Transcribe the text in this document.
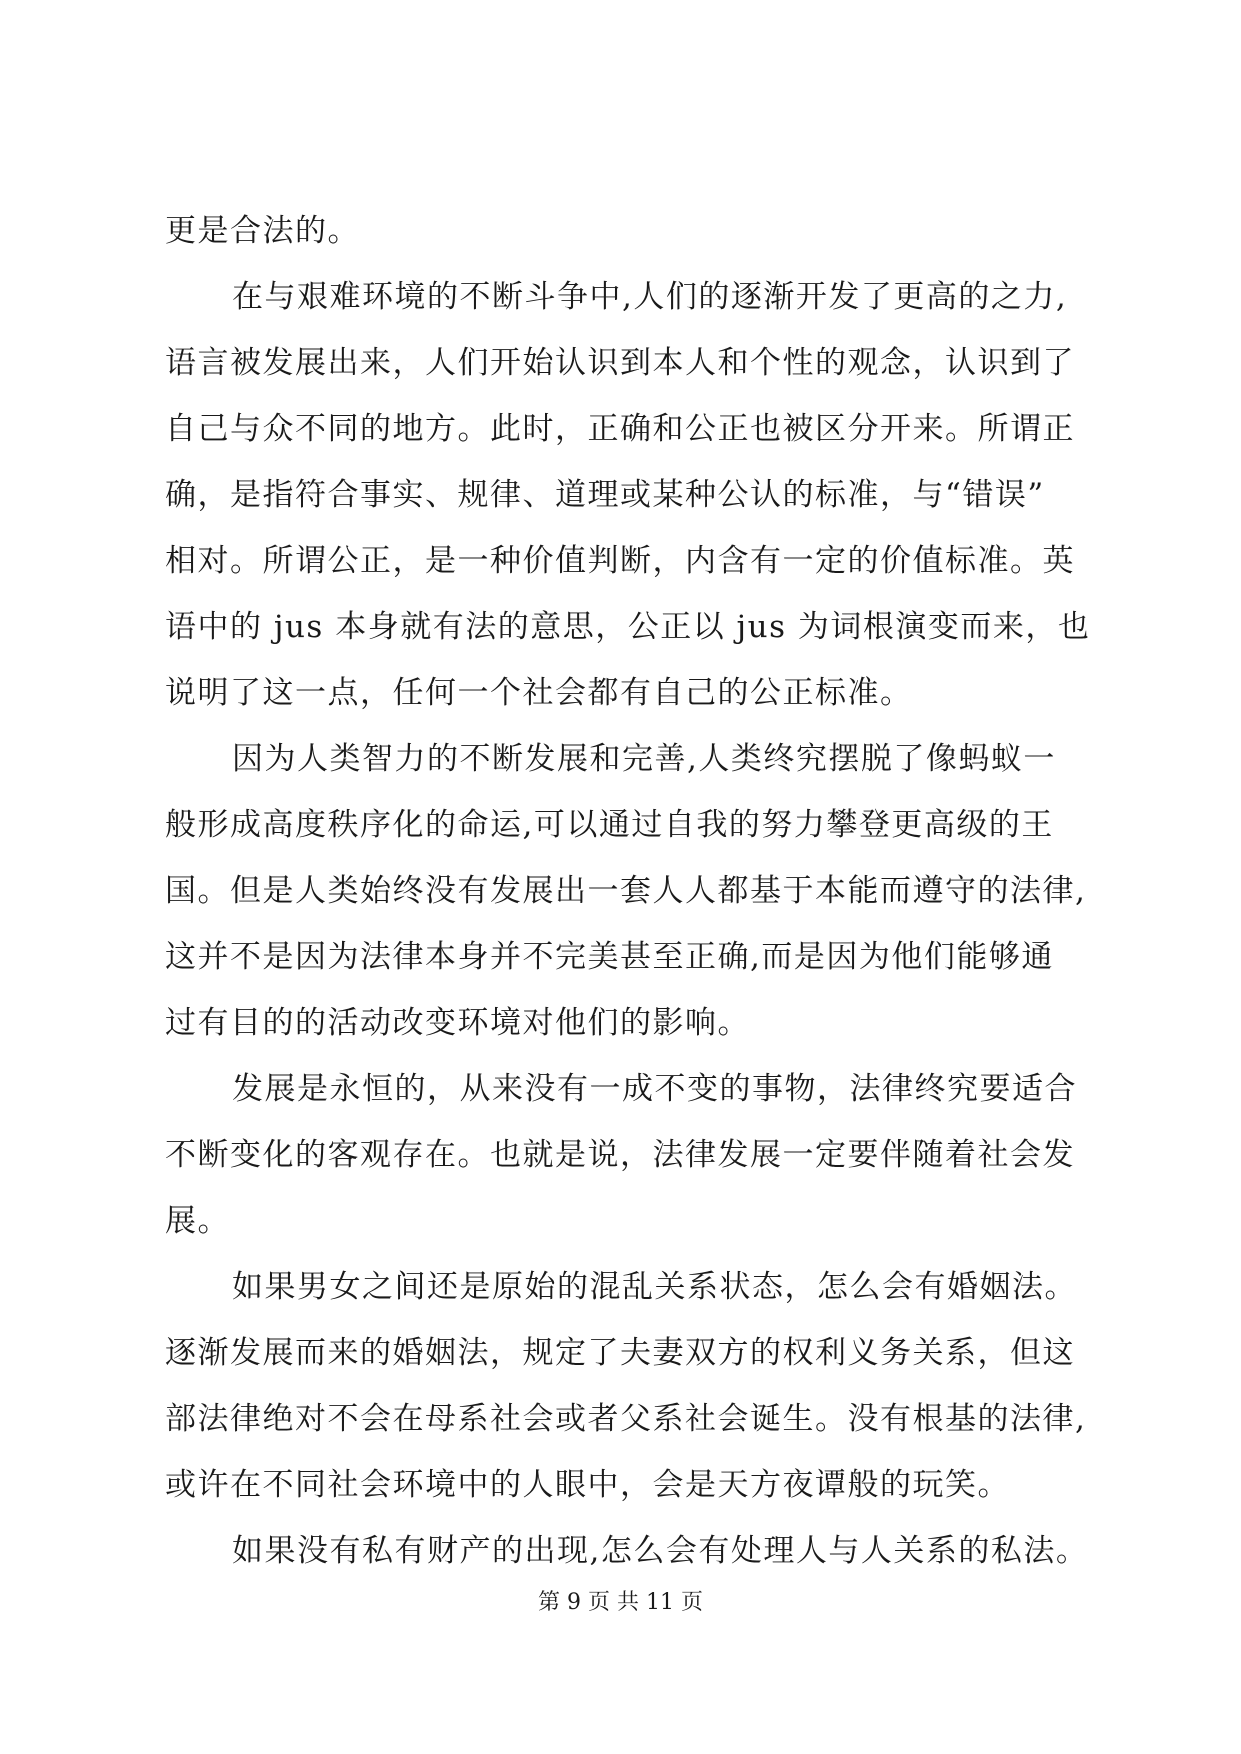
更是合法的。
在与艰难环境的不断斗争中,人们的逐渐开发了更高的之力,
语言被发展出来，人们开始认识到本人和个性的观念，认识到了
自己与众不同的地方。此时，正确和公正也被区分开来。所谓正
确，是指符合事实、规律、道理或某种公认的标准，与“错误”
相对。所谓公正，是一种价值判断，内含有一定的价值标准。英
语中的 jus 本身就有法的意思，公正以 jus 为词根演变而来，也
说明了这一点，任何一个社会都有自己的公正标准。
因为人类智力的不断发展和完善,人类终究摆脱了像蚂蚁一
般形成高度秩序化的命运,可以通过自我的努力攀登更高级的王
国。但是人类始终没有发展出一套人人都基于本能而遵守的法律,
这并不是因为法律本身并不完美甚至正确,而是因为他们能够通
过有目的的活动改变环境对他们的影响。
发展是永恒的，从来没有一成不变的事物，法律终究要适合
不断变化的客观存在。也就是说，法律发展一定要伴随着社会发
展。
如果男女之间还是原始的混乱关系状态，怎么会有婚姻法。
逐渐发展而来的婚姻法，规定了夫妻双方的权利义务关系，但这
部法律绝对不会在母系社会或者父系社会诞生。没有根基的法律,
或许在不同社会环境中的人眼中，会是天方夜谭般的玩笑。
如果没有私有财产的出现,怎么会有处理人与人关系的私法。
第 9 页 共 11 页
